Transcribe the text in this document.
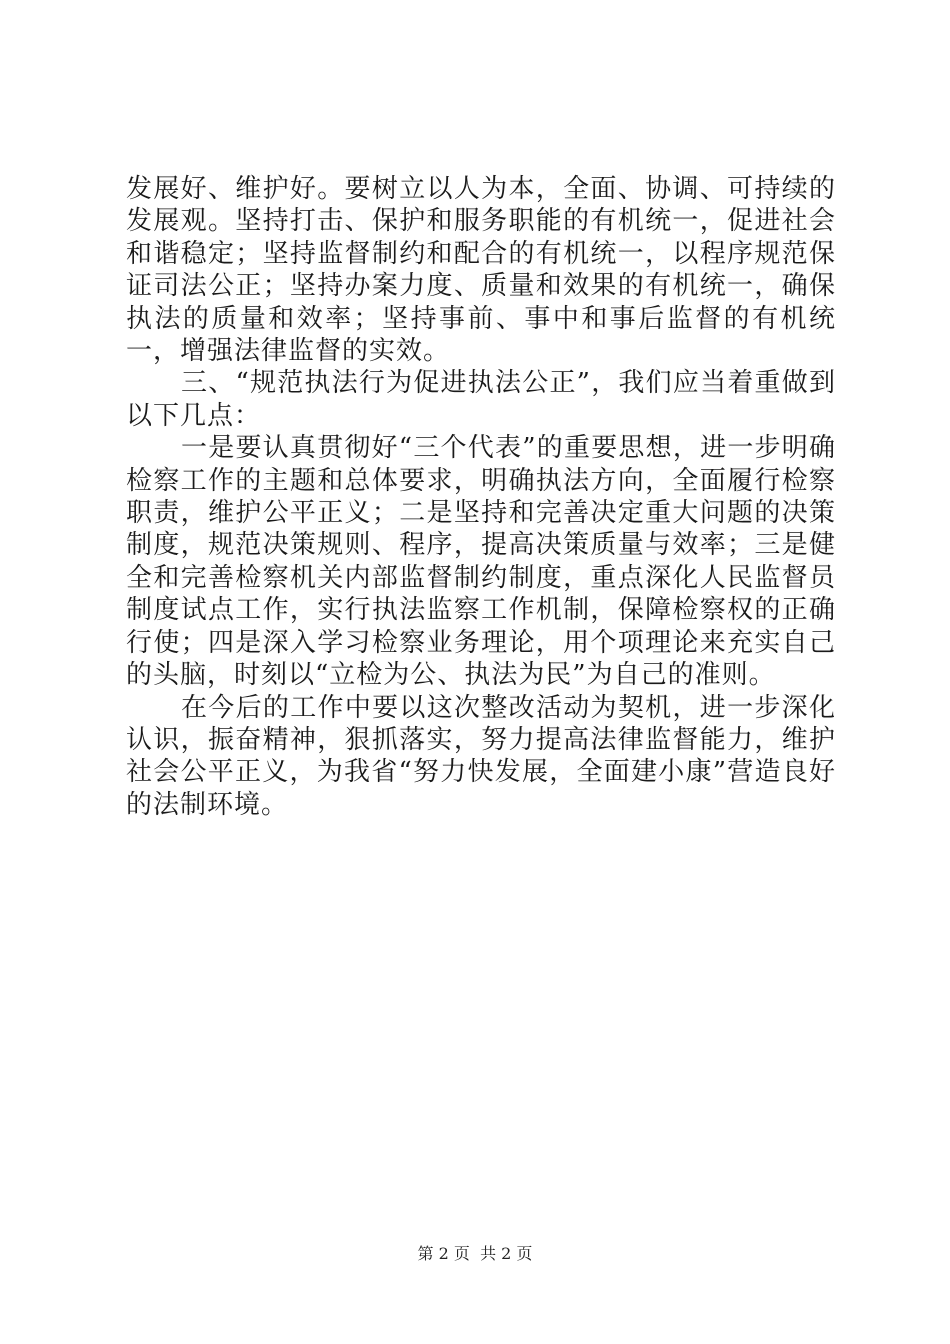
发展好、维护好。要树立以人为本，全面、协调、可持续的发展观。坚持打击、保护和服务职能的有机统一，促进社会和谐稳定；坚持监督制约和配合的有机统一，以程序规范保证司法公正；坚持办案力度、质量和效果的有机统一，确保执法的质量和效率；坚持事前、事中和事后监督的有机统一，增强法律监督的实效。

三、“规范执法行为促进执法公正”，我们应当着重做到以下几点：

一是要认真贯彻好“三个代表”的重要思想，进一步明确检察工作的主题和总体要求，明确执法方向，全面履行检察职责，维护公平正义；二是坚持和完善决定重大问题的决策制度，规范决策规则、程序，提高决策质量与效率；三是健全和完善检察机关内部监督制约制度，重点深化人民监督员制度试点工作，实行执法监察工作机制，保障检察权的正确行使；四是深入学习检察业务理论，用个项理论来充实自己的头脑，时刻以“立检为公、执法为民”为自己的准则。

在今后的工作中要以这次整改活动为契机，进一步深化认识，振奋精神，狠抓落实，努力提高法律监督能力，维护社会公平正义，为我省“努力快发展，全面建小康”营造良好的法制环境。

第 2 页  共 2 页
